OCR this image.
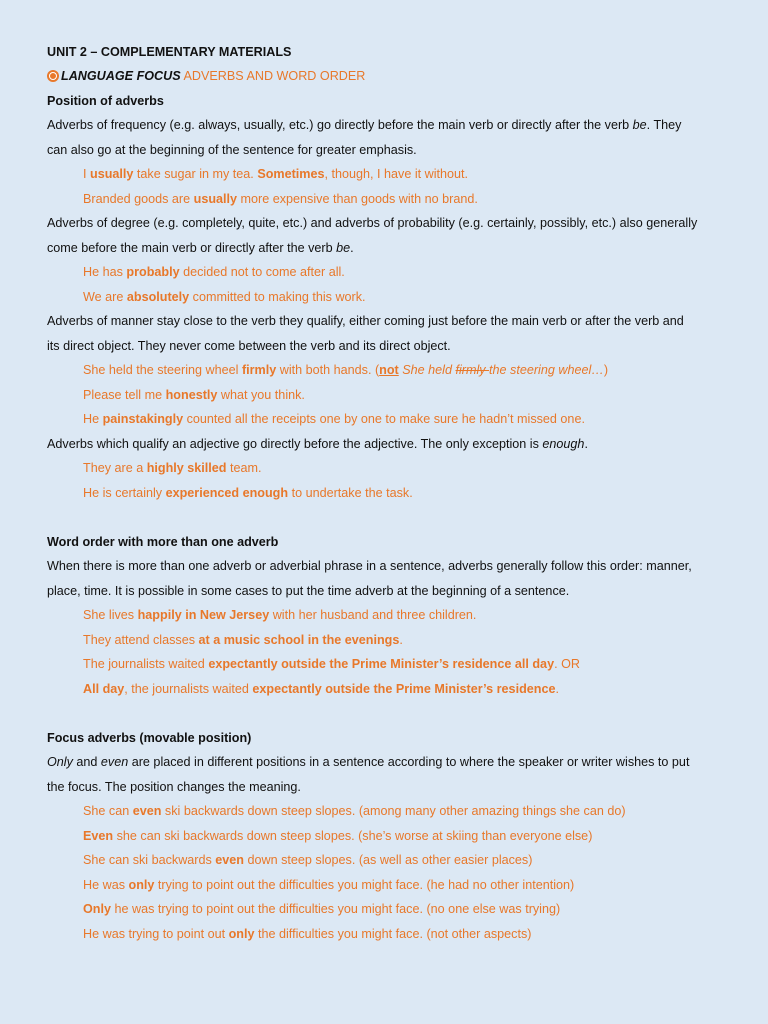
UNIT 2 – COMPLEMENTARY MATERIALS
LANGUAGE FOCUS ADVERBS AND WORD ORDER
Position of adverbs
Adverbs of frequency (e.g. always, usually, etc.) go directly before the main verb or directly after the verb be. They
can also go at the beginning of the sentence for greater emphasis.
I usually take sugar in my tea. Sometimes, though, I have it without.
Branded goods are usually more expensive than goods with no brand.
Adverbs of degree (e.g. completely, quite, etc.) and adverbs of probability (e.g. certainly, possibly, etc.) also generally
come before the main verb or directly after the verb be.
He has probably decided not to come after all.
We are absolutely committed to making this work.
Adverbs of manner stay close to the verb they qualify, either coming just before the main verb or after the verb and
its direct object. They never come between the verb and its direct object.
She held the steering wheel firmly with both hands. (not She held firmly the steering wheel…)
Please tell me honestly what you think.
He painstakingly counted all the receipts one by one to make sure he hadn’t missed one.
Adverbs which qualify an adjective go directly before the adjective. The only exception is enough.
They are a highly skilled team.
He is certainly experienced enough to undertake the task.
Word order with more than one adverb
When there is more than one adverb or adverbial phrase in a sentence, adverbs generally follow this order: manner,
place, time. It is possible in some cases to put the time adverb at the beginning of a sentence.
She lives happily in New Jersey with her husband and three children.
They attend classes at a music school in the evenings.
The journalists waited expectantly outside the Prime Minister’s residence all day. OR
All day, the journalists waited expectantly outside the Prime Minister’s residence.
Focus adverbs (movable position)
Only and even are placed in different positions in a sentence according to where the speaker or writer wishes to put
the focus. The position changes the meaning.
She can even ski backwards down steep slopes. (among many other amazing things she can do)
Even she can ski backwards down steep slopes. (she’s worse at skiing than everyone else)
She can ski backwards even down steep slopes. (as well as other easier places)
He was only trying to point out the difficulties you might face. (he had no other intention)
Only he was trying to point out the difficulties you might face. (no one else was trying)
He was trying to point out only the difficulties you might face. (not other aspects)
